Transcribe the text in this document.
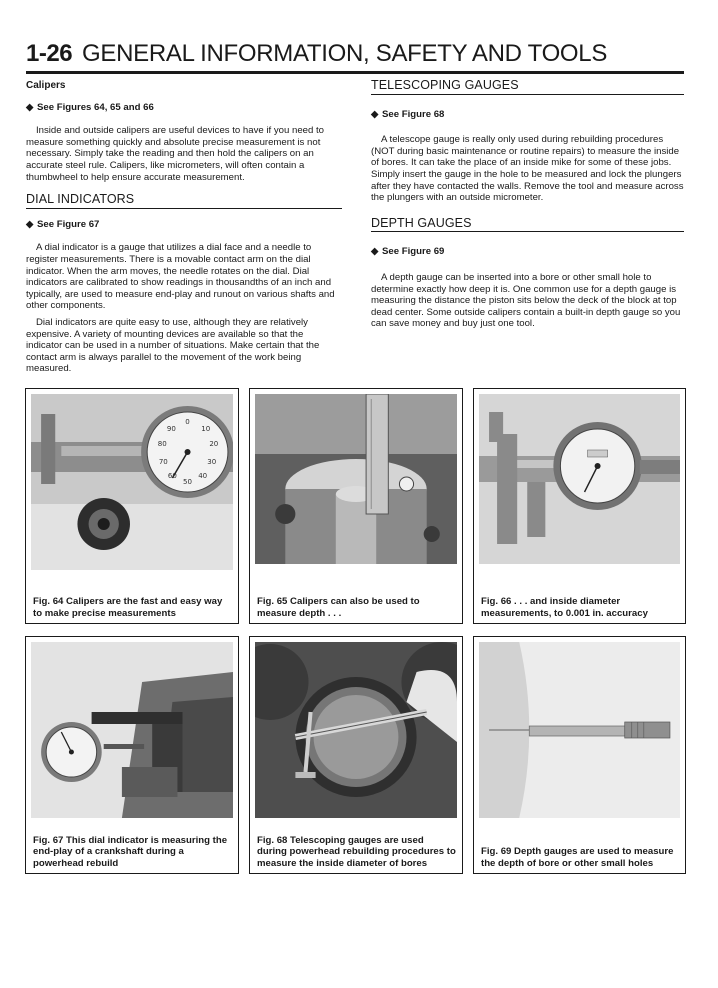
1-26 GENERAL INFORMATION, SAFETY AND TOOLS
Calipers
◆ See Figures 64, 65 and 66

Inside and outside calipers are useful devices to have if you need to measure something quickly and absolute precise measurement is not necessary. Simply take the reading and then hold the calipers on an accurate steel rule. Calipers, like micrometers, will often contain a thumbwheel to help ensure accurate measurement.

DIAL INDICATORS
◆ See Figure 67

A dial indicator is a gauge that utilizes a dial face and a needle to register measurements. There is a movable contact arm on the dial indicator. When the arm moves, the needle rotates on the dial. Dial indicators are calibrated to show readings in thousandths of an inch and typically, are used to measure end-play and runout on various shafts and other components.

Dial indicators are quite easy to use, although they are relatively expensive. A variety of mounting devices are available so that the indicator can be used in a number of situations. Make certain that the contact arm is always parallel to the movement of the work being measured.

TELESCOPING GAUGES
◆ See Figure 68

A telescope gauge is really only used during rebuilding procedures (NOT during basic maintenance or routine repairs) to measure the inside of bores. It can take the place of an inside mike for some of these jobs. Simply insert the gauge in the hole to be measured and lock the plungers after they have contacted the walls. Remove the tool and measure across the plungers with an outside micrometer.

DEPTH GAUGES
◆ See Figure 69

A depth gauge can be inserted into a bore or other small hole to determine exactly how deep it is. One common use for a depth gauge is measuring the distance the piston sits below the deck of the block at top dead center. Some outside calipers contain a built-in depth gauge so you can save money and buy just one tool.

0
10
20
30
40
50
60
70
80
90
Fig. 64 Calipers are the fast and easy way to make precise measurements
Fig. 65 Calipers can also be used to measure depth . . .
Fig. 66 . . . and inside diameter measurements, to 0.001 in. accuracy
Fig. 67 This dial indicator is measuring the end-play of a crankshaft during a powerhead rebuild
Fig. 68 Telescoping gauges are used during powerhead rebuilding procedures to measure the inside diameter of bores
Fig. 69 Depth gauges are used to measure the depth of bore or other small holes
